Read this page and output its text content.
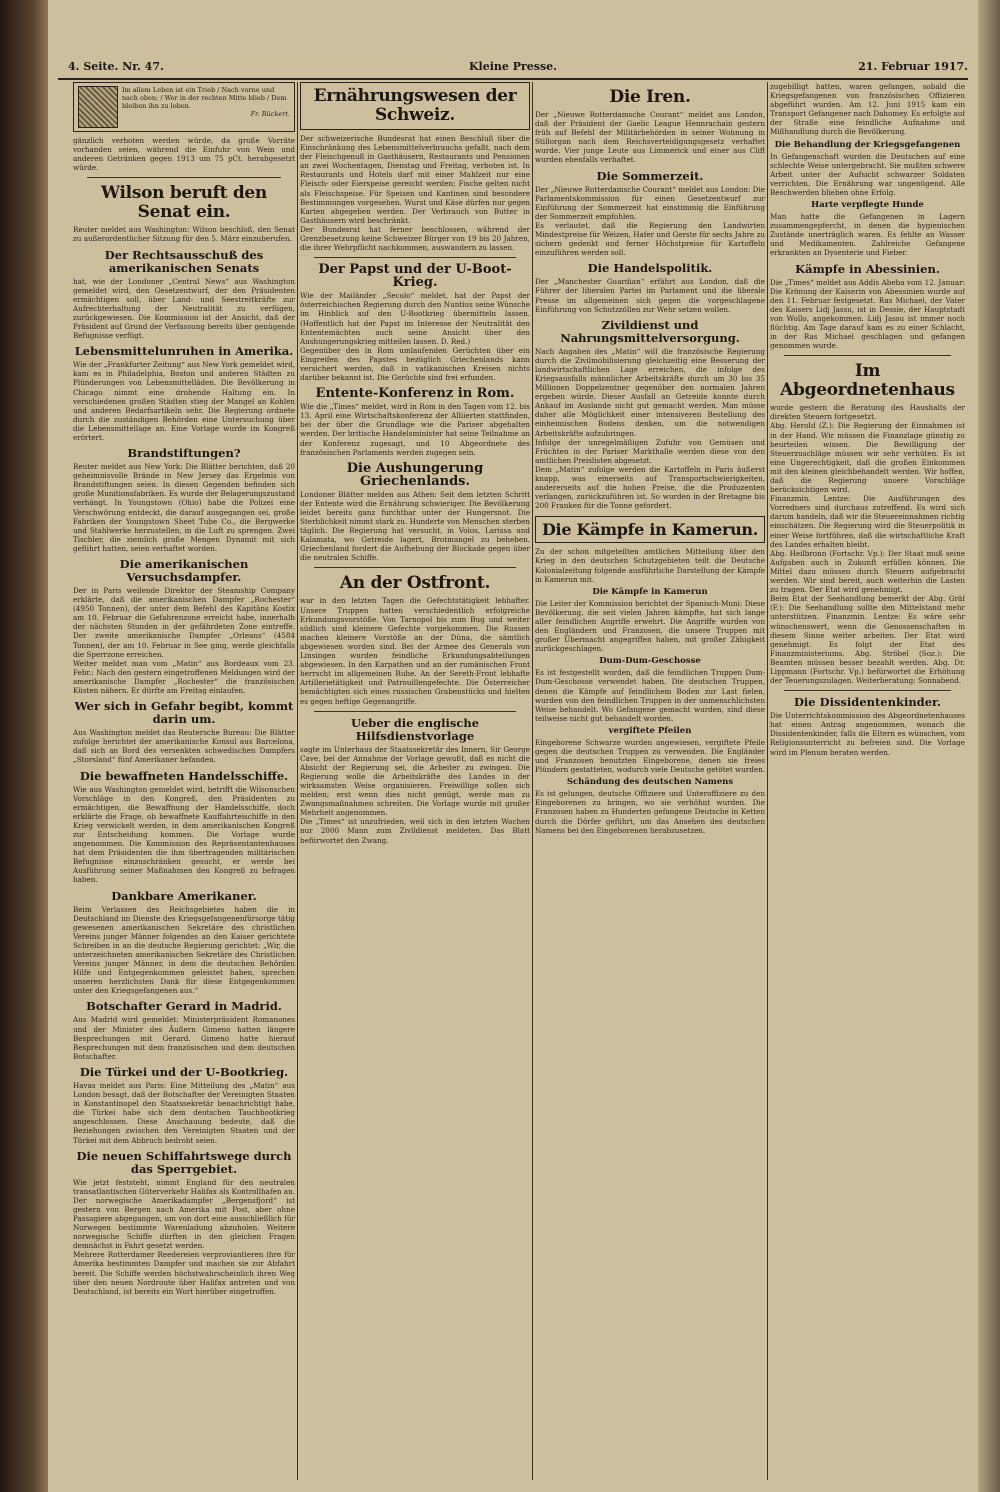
4. Seite. Nr. 47.	Kleine Presse.	21. Februar 1917.
Im allem Leben ist ein Trieb / Nach vorne und nach oben; / Wer in der rechten Mitte blieb / Dem bleiben ihn zu loben.
Fr. Rückert.

gänzlich verboten werden würde, da große Vorräte vorhanden seien, während die Einfuhr von Wein und anderen Getränken gegen 1913 um 75 pCt. herabgesetzt würde.

Wilson beruft den Senat ein.

Reuter meldet aus Washington: Wilson beschloß, den Senat zu außerordentlicher Sitzung für den 5. März einzuberufen.

Der Rechtsausschuß des amerikanischen Senats

hat, wie der Londoner „Central News“ aus Washington gemeldet wird, den Gesetzentwurf, der den Präsidenten ermächtigen soll, über Land- und Seestreitkräfte zur Aufrechterhaltung der Neutralität zu verfügen, zurückgewiesen. Die Kommission ist der Ansicht, daß der Präsident auf Grund der Verfassung bereits über genügende Befugnisse verfügt.

Lebensmittelunruhen in Amerika.

Wie der „Frankfurter Zeitung“ aus New York gemeldet wird, kam es in Philadelphia, Boston und anderen Städten zu Plünderungen von Lebensmittelläden. Die Bevölkerung in Chicago nimmt eine drohende Haltung ein. In verschiedenen großen Städten stieg der Mangel an Kohlen und anderen Bedarfsartikeln sehr. Die Regierung ordnete durch die zuständigen Behörden eine Untersuchung über die Lebensmittellage an. Eine Vorlage wurde im Kongreß erörtert.

Brandstiftungen?

Reuter meldet aus New York: Die Blätter berichten, daß 20 geheimnisvolle Brände in New Jersey das Ergebnis von Brandstiftungen seien. In diesen Gegenden befinden sich große Munitionsfabriken. Es wurde der Belagerungszustand verhängt. In Youngstown (Ohio) habe die Polizei eine Verschwörung entdeckt, die darauf ausgegangen sei, große Fabriken der Youngstown Sheet Tube Co., die Bergwerke und Stahlwerke herzustellen, in die Luft zu sprengen. Zwei Tischler, die ziemlich große Mengen Dynamit mit sich geführt hatten, seien verhaftet worden.

Die amerikanischen Versuchsdampfer.

Der in Paris weilende Direktor der Steamship Company erklärte, daß die amerikanischen Dampfer „Rochester“ (4950 Tonnen), der unter dem Befehl des Kapitäns Kostix am 10. Februar die Gefahrenzone erreicht habe, innerhalb der nächsten Stunden in der gefährdeten Zone eintreffe. Der zweite amerikanische Dampfer „Orleans“ (4584 Tonnen), der am 10. Februar in See ging, werde gleichfalls die Sperrzone erreichen.

Weiter meldet man vom „Matin“ aus Bordeaux vom 23. Febr.: Nach den gestern eingetroffenen Meldungen wird der amerikanische Dampfer „Rochester“ die französischen Küsten nähern. Er dürfte am Freitag einlaufen.

Wer sich in Gefahr begibt, kommt darin um.

Aus Washington meldet das Reutersche Bureau: Die Blätter zufolge berichtet der amerikanische Konsul aus Barcelona, daß sich an Bord des versenkten schwedischen Dampfers „Storsland“ fünf Amerikaner befanden.

Die bewaffneten Handelsschiffe.

Wie aus Washington gemeldet wird, betrifft die Wilsonschen Vorschläge in den Kongreß, den Präsidenten zu ermächtigen, die Bewaffnung der Handelsschiffe, doch erklärte die Frage, ob bewaffnete Kauffahrteischiffe in den Krieg verwickelt werden, in dem amerikanischen Kongreß zur Entscheidung kommen. Die Vorlage wurde angenommen. Die Kommission des Repräsentantenhauses hat dem Präsidenten die ihm übertragenden militärischen Befugnisse einzuschränken gesucht, er werde bei Ausführung seiner Maßnahmen den Kongreß zu befragen haben.

Dankbare Amerikaner.

Beim Verlassen des Reichsgebietes haben die in Deutschland im Dienste des Kriegsgefangenenfürsorge tätig gewesenen amerikanischen Sekretäre des christlichen Vereins junger Männer folgendes an den Kaiser gerichtete Schreiben in an die deutsche Regierung gerichtet: „Wir, die unterzeichneten amerikanischen Sekretäre des Christlichen Vereins junger Männer, in dem die deutschen Behörden Hilfe und Entgegenkommen geleistet haben, sprechen unseren herzlichsten Dank für diese Entgegenkommen unter den Kriegsgefangenen aus.“

Botschafter Gerard in Madrid.

Aus Madrid wird gemeldet: Ministerpräsident Romanones und der Minister des Äußern Gimeno hatten längere Besprechungen mit Gerard. Gimeno hatte hierauf Besprechungen mit dem französischen und dem deutschen Botschafter.

Die Türkei und der U-Bootkrieg.

Havas meldet aus Paris: Eine Mitteilung des „Matin“ aus London besagt, daß der Botschafter der Vereinigten Staaten in Konstantinopel den Staatssekretär benachrichtigt habe, die Türkei habe sich dem deutschen Tauchbootkrieg angeschlossen. Diese Anschauung bedeute, daß die Beziehungen zwischen den Vereinigten Staaten und der Türkei mit dem Abbruch bedroht seien.

Die neuen Schiffahrtswege durch das Sperrgebiet.

Wie jetzt feststeht, nimmt England für den neutralen transatlantischen Güterverkehr Halifax als Kontrollhafen an. Der norwegische Amerikadampfer „Bergensfjord“ ist gestern von Bergen nach Amerika mit Post, aber ohne Passagiere abgegangen, um von dort eine ausschließlich für Norwegen bestimmte Warenladung abzuholen. Weitere norwegische Schiffe dürften in den gleichen Fragen demnächst in Fahrt gesetzt werden.

Mehrere Rotterdamer Reedereien verproviantieren ihre für Amerika bestimmten Dampfer und machen sie zur Abfahrt bereit. Die Schiffe werden höchstwahrscheinlich ihren Weg über den neuen Nordroute über Halifax antreten und von Deutschland, ist bereits ein Wort hierüber eingetroffen.

Ernährungswesen der Schweiz.

Der schweizerische Bundesrat hat einen Beschluß über die Einschränkung des Lebensmittelverbrauchs gefaßt, nach dem der Fleischgenuß in Gasthäusern, Restaurants und Pensionen an zwei Wochentagen, Dienstag und Freitag, verboten ist. In Restaurants und Hotels darf mit einer Mahlzeit nur eine Fleisch- oder Eierspeise gereicht werden; Fische gelten nicht als Fleischspeise. Für Speisen und Kantinen sind besondere Bestimmungen vorgesehen. Wurst und Käse dürfen nur gegen Karten abgegeben werden. Der Verbrauch von Butter in Gasthäusern wird beschränkt.

Der Bundesrat hat ferner beschlossen, während der Grenzbesetzung keine Schweizer Bürger von 19 bis 20 Jahren, die ihrer Wehrpflicht nachkommen, auswandern zu lassen.

Der Papst und der U-Boot-Krieg.

Wie der Mailänder „Secolo“ meldet, hat der Papst der österreichischen Regierung durch den Nuntius seine Wünsche im Hinblick auf den U-Bootkrieg übermitteln lassen. (Hoffentlich hat der Papst im Interesse der Neutralität den Ententemächten auch seine Ansicht über den Aushungerungskrieg mitteilen lassen. D. Red.)

Gegenüber den in Rom umlaufenden Gerüchten über ein Eingreifen des Papstes bezüglich Griechenlands kann versichert werden, daß in vatikanischen Kreisen nichts darüber bekannt ist. Die Gerüchte sind frei erfunden.

Entente-Konferenz in Rom.

Wie die „Times“ meldet, wird in Rom in den Tagen vom 12. bis 13. April eine Wirtschaftskonferenz der Alliierten stattfinden, bei der über die Grundlage wie die Pariser abgehalten werden. Der britische Handelsminister hat seine Teilnahme an der Konferenz zugesagt, und 10 Abgeordnete des französischen Parlaments werden zugegen sein.

Die Aushungerung Griechenlands.

Londoner Blätter melden aus Athen: Seit dem letzten Schritt der Entente wird die Ernährung schwieriger. Die Bevölkerung leidet bereits ganz furchtbar unter der Hungersnot. Die Sterblichkeit nimmt stark zu. Hunderte von Menschen sterben täglich. Die Regierung hat versucht, in Volos, Larissa und Kalamata, wo Getreide lagert, Brotmangel zu beheben. Griechenland fordert die Aufhebung der Blockade gegen über die neutralen Schiffe.

An der Ostfront.

war in den letzten Tagen die Gefechtstätigkeit lebhafter. Unsere Truppen hatten verschiedentlich erfolgreiche Erkundungsvorstöße. Von Tarnopol bis zum Bug und weiter südlich sind kleinere Gefechte vorgekommen. Die Russen machen kleinere Vorstöße an der Düna, die sämtlich abgewiesen worden sind. Bei der Armee des Generals von Linsingen wurden feindliche Erkundungsabteilungen abgewiesen. In den Karpathen und an der rumänischen Front herrscht im allgemeinen Ruhe. An der Sereth-Front lebhafte Artillerietätigkeit und Patrouillengefechte. Die Österreicher bemächtigten sich eines russischen Grabenstücks und hielten es gegen heftige Gegenangriffe.

Ueber die englische Hilfsdienstvorlage

sagte im Unterhaus der Staatssekretär des Innern, Sir George Cave, bei der Annahme der Vorlage gewußt, daß es nicht die Absicht der Regierung sei, die Arbeiter zu zwingen. Die Regierung wolle die Arbeitskräfte des Landes in der wirksamsten Weise organisieren. Freiwillige sollen sich melden; erst wenn dies nicht genügt, werde man zu Zwangsmaßnahmen schreiten. Die Vorlage wurde mit großer Mehrheit angenommen.

Die „Times“ ist unzufrieden, weil sich in den letzten Wochen nur 2000 Mann zum Zivildienst meldeten. Das Blatt befürwortet den Zwang.

Die Iren.

Der „Nieuwe Rotterdamsche Courant“ meldet aus London, daß der Präsident der Gaelic League Hennrachain gestern früh auf Befehl der Militärbehörden in seiner Wohnung in Stillorgan nach dem Reichsverteidigungsgesetz verhaftet wurde. Vier junge Leute aus Limmerick und einer aus Cliff wurden ebenfalls verhaftet.

Die Sommerzeit.

Der „Nieuwe Rotterdamsche Courant“ meldet aus London: Die Parlamentskommission für einen Gesetzentwurf zur Einführung der Sommerzeit hat einstimmig die Einführung der Sommerzeit empfohlen.

Es verlautet, daß die Regierung den Landwirten Mindestpreise für Weizen, Hafer und Gerste für sechs Jahre zu sichern gedenkt und ferner Höchstpreise für Kartoffeln einzuführen werden soll.

Die Handelspolitik.

Der „Manchester Guardian“ erfährt aus London, daß die Führer der liberalen Partei im Parlament und die liberale Presse im allgemeinen sich gegen die vorgeschlagene Einführung von Schutzzöllen zur Wehr setzen wollen.

Zivildienst und Nahrungsmittelversorgung.

Nach Angaben des „Matin“ will die französische Regierung durch die Zivilmobilisierung gleichzeitig eine Besserung der landwirtschaftlichen Lage erreichen, die infolge des Kriegsausfalls männlicher Arbeitskräfte durch um 30 bis 35 Millionen Doppelzentner gegenüber den normalen Jahren ergeben würde. Dieser Ausfall an Getreide konnte durch Ankauf im Auslande nicht gut gemacht werden. Man müsse daher alle Möglichkeit einer intensiveren Bestellung des einheimischen Bodens denken, um die notwendigen Arbeitskräfte aufzubringen.

Infolge der unregelmäßigen Zufuhr von Gemüsen und Früchten in der Pariser Markthalle werden diese von den amtlichen Preislisten abgesetzt.

Dem „Matin“ zufolge werden die Kartoffeln in Paris äußerst knapp, was einerseits auf Transportschwierigkeiten, andererseits auf die hohen Preise, die die Produzenten verlangen, zurückzuführen ist. So wurden in der Bretagne bis 200 Franken für die Tonne gefordert.

Die Kämpfe in Kamerun.

Zu der schon mitgeteilten amtlichen Mitteilung über den Krieg in den deutschen Schutzgebieten teilt die Deutsche Kolonialzeitung folgende ausführliche Darstellung der Kämpfe in Kamerun mit.

Die Kämpfe in Kamerun

Die Leiter der Kommission berichtet der Spanisch-Muni: Diese Bevölkerung, die seit vielen Jahren kämpfte, hat sich lange aller feindlichen Angriffe erwehrt. Die Angriffe wurden von den Engländern und Franzosen, die unsere Truppen mit großer Übermacht angegriffen haben, mit großer Zähigkeit zurückgeschlagen.

Dum-Dum-Geschosse

Es ist festgestellt worden, daß die feindlichen Truppen Dum-Dum-Geschosse verwendet haben. Die deutschen Truppen, denen die Kämpfe auf feindlichem Boden zur Last fielen, wurden von den feindlichen Truppen in der unmenschlichsten Weise behandelt. Wo Gefangene gemacht wurden, sind diese teilweise nicht gut behandelt worden.

vergiftete Pfeilen

Eingeborene Schwarze wurden angewiesen, vergiftete Pfeile gegen die deutschen Truppen zu verwenden. Die Engländer und Franzosen benutzten Eingeborene, denen sie freies Plündern gestatteten, wodurch viele Deutsche getötet wurden.

Schändung des deutschen Namens

Es ist gelungen, deutsche Offiziere und Unteroffiziere zu den Eingeborenen zu bringen, wo sie verhöhnt wurden. Die Franzosen haben zu Hunderten gefangene Deutsche in Ketten durch die Dörfer geführt, um das Ansehen des deutschen Namens bei den Eingeborenen herabzusetzen.

zugebilligt hatten, waren gefangen, sobald die Kriegsgefangenen von französischen Offizieren abgeführt wurden. Am 12. Juni 1915 kam ein Transport Gefangener nach Dahomey. Es erfolgte auf der Straße eine feindliche Aufnahme und Mißhandlung durch die Bevölkerung.

Die Behandlung der Kriegsgefangenen

In Gefangenschaft wurden die Deutschen auf eine schlechte Weise untergebracht. Sie mußten schwere Arbeit unter der Aufsicht schwarzer Soldaten verrichten. Die Ernährung war ungenügend. Alle Beschwerden blieben ohne Erfolg.

Harte verpflegte Hunde

Man hatte die Gefangenen in Lagern zusammengepfercht, in denen die hygienischen Zustände unerträglich waren. Es fehlte an Wasser und Medikamenten. Zahlreiche Gefangene erkrankten an Dysenterie und Fieber.

Kämpfe in Abessinien.

Die „Times“ meldet aus Addis Abeba vom 12. Januar: Die Krönung der Kaiserin von Abessinien wurde auf den 11. Februar festgesetzt. Ras Michael, der Vater des Kaisers Lidj Jassu, ist in Dessie, der Hauptstadt von Wollo, angekommen. Lidj Jassu ist immer noch flüchtig. Am Tage darauf kam es zu einer Schlacht, in der Ras Michael geschlagen und gefangen genommen wurde.

Im Abgeordnetenhaus

wurde gestern die Beratung des Haushalts der direkten Steuern fortgesetzt.

Abg. Herold (Z.): Die Regierung der Einnahmen ist in der Hand. Wir müssen die Finanzlage günstig zu beurteilen wissen. Die Bewilligung der Steuerzuschläge müssen wir sehr verhüten. Es ist eine Ungerechtigkeit, daß die großen Einkommen mit den kleinen gleichbehandelt werden. Wir hoffen, daß die Regierung unsere Vorschläge berücksichtigen wird.

Finanzmin. Lentze: Die Ausführungen des Vorredners sind durchaus zutreffend. Es wird sich darum handeln, daß wir die Steuereinnahmen richtig einschätzen. Die Regierung wird die Steuerpolitik in einer Weise fortführen, daß die wirtschaftliche Kraft des Landes erhalten bleibt.

Abg. Heilbronn (Fortschr. Vp.): Der Staat muß seine Aufgaben auch in Zukunft erfüllen können. Die Mittel dazu müssen durch Steuern aufgebracht werden. Wir sind bereit, auch weiterhin die Lasten zu tragen. Der Etat wird genehmigt.

Beim Etat der Seehandlung bemerkt der Abg. Gräf (F.): Die Seehandlung sollte den Mittelstand mehr unterstützen. Finanzmin. Lentze: Es wäre sehr wünschenswert, wenn die Genossenschaften in diesem Sinne weiter arbeiten. Der Etat wird genehmigt. Es folgt der Etat des Finanzministeriums. Abg. Ströbel (Soz.): Die Beamten müssen besser bezahlt werden. Abg. Dr. Lippmann (Fortschr. Vp.) befürwortet die Erhöhung der Teuerungszulagen. Weiterberatung: Sonnabend.

Die Dissidentenkinder.

Die Unterrichtskommission des Abgeordnetenhauses hat einen Antrag angenommen, wonach die Dissidentenkinder, falls die Eltern es wünschen, vom Religionsunterricht zu befreien sind. Die Vorlage wird im Plenum beraten werden.
